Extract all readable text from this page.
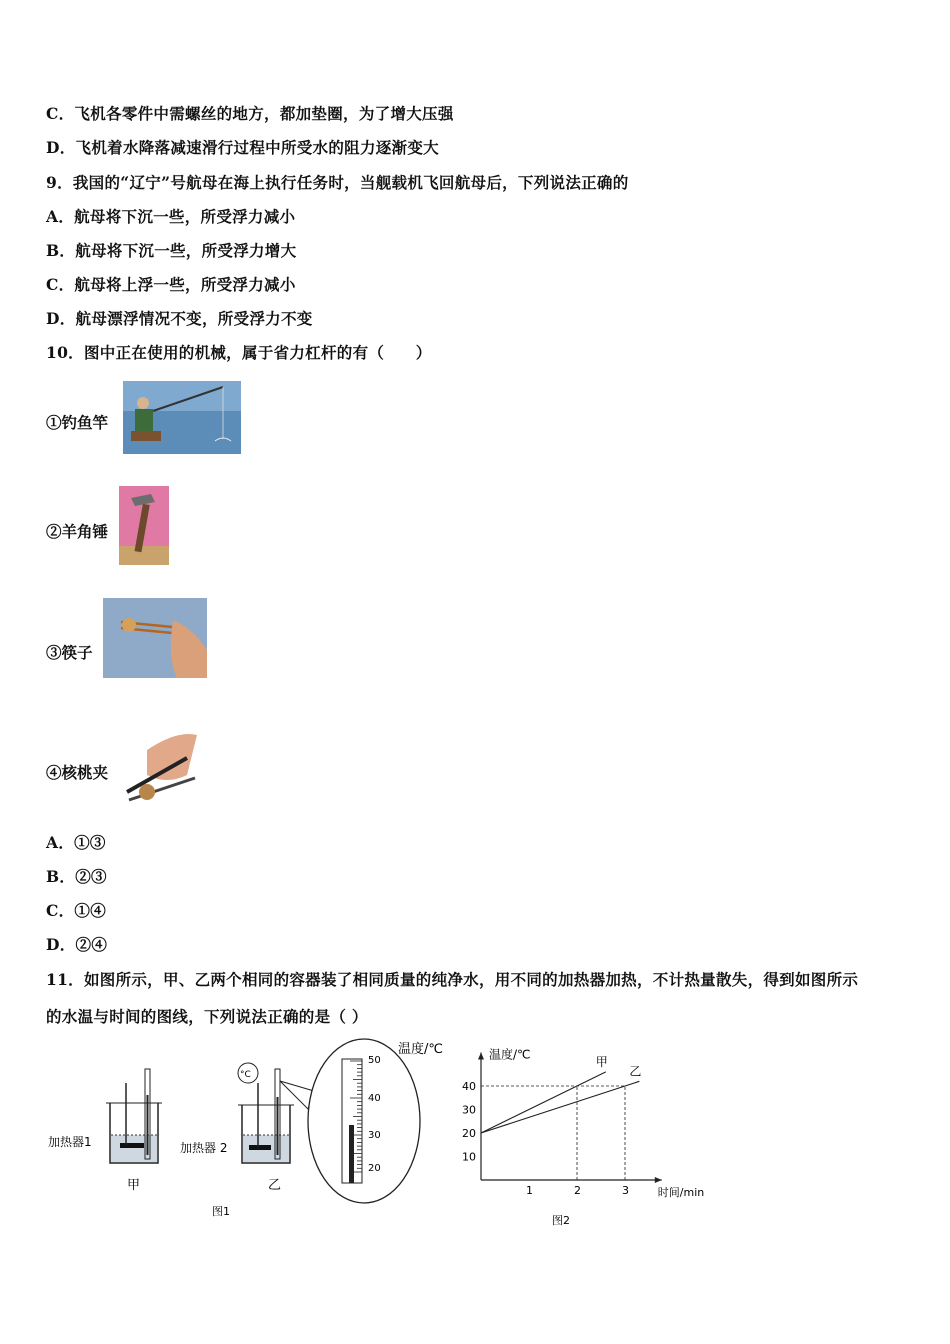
C．飞机各零件中需螺丝的地方，都加垫圈，为了增大压强
D．飞机着水降落减速滑行过程中所受水的阻力逐渐变大
9．我国的“辽宁”号航母在海上执行任务时，当舰载机飞回航母后，下列说法正确的
A．航母将下沉一些，所受浮力减小
B．航母将下沉一些，所受浮力增大
C．航母将上浮一些，所受浮力减小
D．航母漂浮情况不变，所受浮力不变
10．图中正在使用的机械，属于省力杠杆的有（　　）
①钓鱼竿
②羊角锤
③筷子
④核桃夹
A．①③
B．②③
C．①④
D．②④
11．如图所示，甲、乙两个相同的容器装了相同质量的纯净水，用不同的加热器加热，不计热量散失，得到如图所示
的水温与时间的图线，下列说法正确的是（ ）
加热器1
甲
°C
加热器 2
乙
50
40
30
20
温度/℃
图1
甲
乙
1	2	3
10
20
30
40
时间/min
温度/℃
图2
